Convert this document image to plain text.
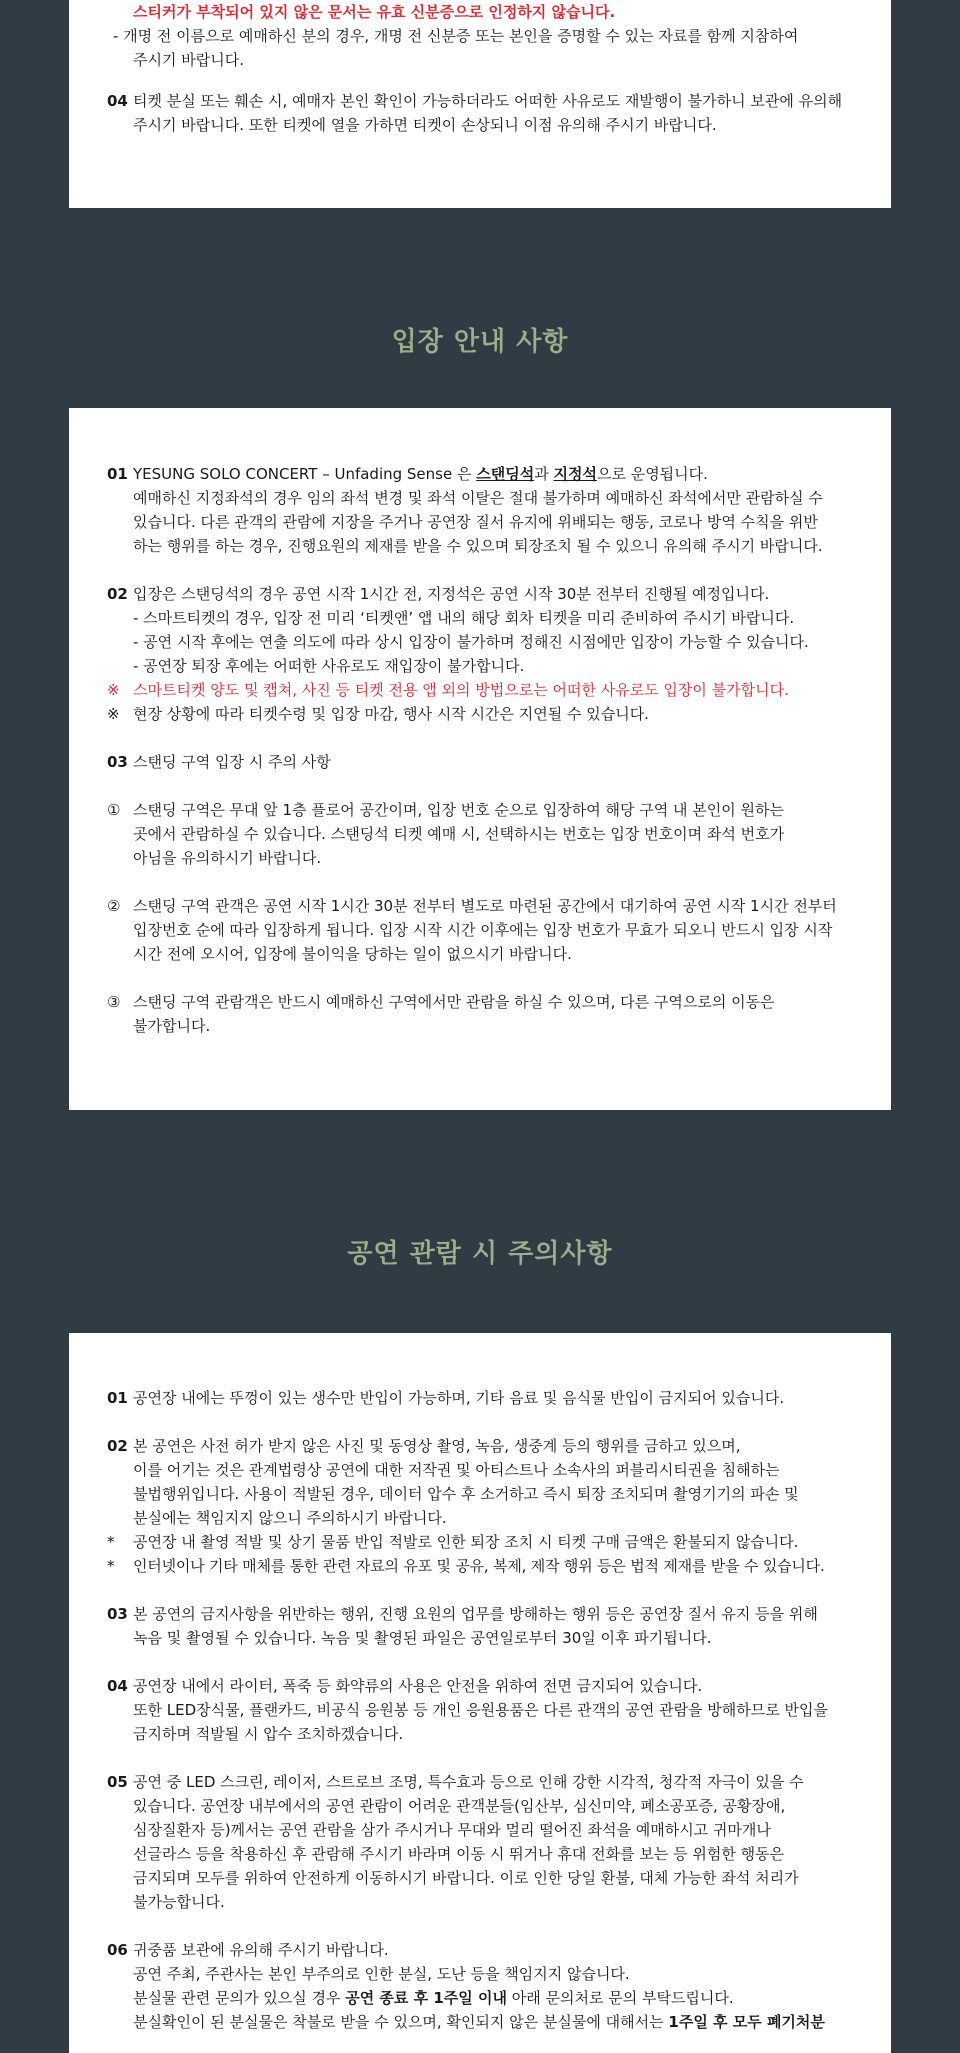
스티커가 부착되어 있지 않은 문서는 유효 신분증으로 인정하지 않습니다.
- 개명 전 이름으로 예매하신 분의 경우, 개명 전 신분증 또는 본인을 증명할 수 있는 자료를 함께 지참하여
주시기 바랍니다.
04 티켓 분실 또는 훼손 시, 예매자 본인 확인이 가능하더라도 어떠한 사유로도 재발행이 불가하니 보관에 유의해
주시기 바랍니다. 또한 티켓에 열을 가하면 티켓이 손상되니 이점 유의해 주시기 바랍니다.
입장 안내 사항
01 YESUNG SOLO CONCERT – Unfading Sense 은 스탠딩석과 지정석으로 운영됩니다.
예매하신 지정좌석의 경우 임의 좌석 변경 및 좌석 이탈은 절대 불가하며 예매하신 좌석에서만 관람하실 수
있습니다. 다른 관객의 관람에 지장을 주거나 공연장 질서 유지에 위배되는 행동, 코로나 방역 수칙을 위반
하는 행위를 하는 경우, 진행요원의 제재를 받을 수 있으며 퇴장조치 될 수 있으니 유의해 주시기 바랍니다.
02 입장은 스탠딩석의 경우 공연 시작 1시간 전, 지정석은 공연 시작 30분 전부터 진행될 예정입니다.
- 스마트티켓의 경우, 입장 전 미리 ‘티켓앤’ 앱 내의 해당 회차 티켓을 미리 준비하여 주시기 바랍니다.
- 공연 시작 후에는 연출 의도에 따라 상시 입장이 불가하며 정해진 시점에만 입장이 가능할 수 있습니다.
- 공연장 퇴장 후에는 어떠한 사유로도 재입장이 불가합니다.
※ 스마트티켓 양도 및 캡쳐, 사진 등 티켓 전용 앱 외의 방법으로는 어떠한 사유로도 입장이 불가합니다.
※ 현장 상황에 따라 티켓수령 및 입장 마감, 행사 시작 시간은 지연될 수 있습니다.
03 스탠딩 구역 입장 시 주의 사항
① 스탠딩 구역은 무대 앞 1층 플로어 공간이며, 입장 번호 순으로 입장하여 해당 구역 내 본인이 원하는
곳에서 관람하실 수 있습니다. 스탠딩석 티켓 예매 시, 선택하시는 번호는 입장 번호이며 좌석 번호가
아님을 유의하시기 바랍니다.
② 스탠딩 구역 관객은 공연 시작 1시간 30분 전부터 별도로 마련된 공간에서 대기하여 공연 시작 1시간 전부터
입장번호 순에 따라 입장하게 됩니다. 입장 시작 시간 이후에는 입장 번호가 무효가 되오니 반드시 입장 시작
시간 전에 오시어, 입장에 불이익을 당하는 일이 없으시기 바랍니다.
③ 스탠딩 구역 관람객은 반드시 예매하신 구역에서만 관람을 하실 수 있으며, 다른 구역으로의 이동은
불가합니다.
공연 관람 시 주의사항
01 공연장 내에는 뚜껑이 있는 생수만 반입이 가능하며, 기타 음료 및 음식물 반입이 금지되어 있습니다.
02 본 공연은 사전 허가 받지 않은 사진 및 동영상 촬영, 녹음, 생중계 등의 행위를 금하고 있으며,
이를 어기는 것은 관계법령상 공연에 대한 저작권 및 아티스트나 소속사의 퍼블리시티권을 침해하는
불법행위입니다. 사용이 적발된 경우, 데이터 압수 후 소거하고 즉시 퇴장 조치되며 촬영기기의 파손 및
분실에는 책임지지 않으니 주의하시기 바랍니다.
*	공연장 내 촬영 적발 및 상기 물품 반입 적발로 인한 퇴장 조치 시 티켓 구매 금액은 환불되지 않습니다.
*	인터넷이나 기타 매체를 통한 관련 자료의 유포 및 공유, 복제, 제작 행위 등은 법적 제재를 받을 수 있습니다.
03 본 공연의 금지사항을 위반하는 행위, 진행 요원의 업무를 방해하는 행위 등은 공연장 질서 유지 등을 위해
녹음 및 촬영될 수 있습니다. 녹음 및 촬영된 파일은 공연일로부터 30일 이후 파기됩니다.
04 공연장 내에서 라이터, 폭죽 등 화약류의 사용은 안전을 위하여 전면 금지되어 있습니다.
또한 LED장식물, 플랜카드, 비공식 응원봉 등 개인 응원용품은 다른 관객의 공연 관람을 방해하므로 반입을
금지하며 적발될 시 압수 조치하겠습니다.
05 공연 중 LED 스크린, 레이저, 스트로브 조명, 특수효과 등으로 인해 강한 시각적, 청각적 자극이 있을 수
있습니다. 공연장 내부에서의 공연 관람이 어려운 관객분들(임산부, 심신미약, 폐소공포증, 공황장애,
심장질환자 등)께서는 공연 관람을 삼가 주시거나 무대와 멀리 떨어진 좌석을 예매하시고 귀마개나
선글라스 등을 착용하신 후 관람해 주시기 바라며 이동 시 뛰거나 휴대 전화를 보는 등 위험한 행동은
금지되며 모두를 위하여 안전하게 이동하시기 바랍니다. 이로 인한 당일 환불, 대체 가능한 좌석 처리가
불가능합니다.
06 귀중품 보관에 유의해 주시기 바랍니다.
공연 주최, 주관사는 본인 부주의로 인한 분실, 도난 등을 책임지지 않습니다.
분실물 관련 문의가 있으실 경우 공연 종료 후 1주일 이내 아래 문의처로 문의 부탁드립니다.
분실확인이 된 분실물은 착불로 받을 수 있으며, 확인되지 않은 분실물에 대해서는 1주일 후 모두 폐기처분
